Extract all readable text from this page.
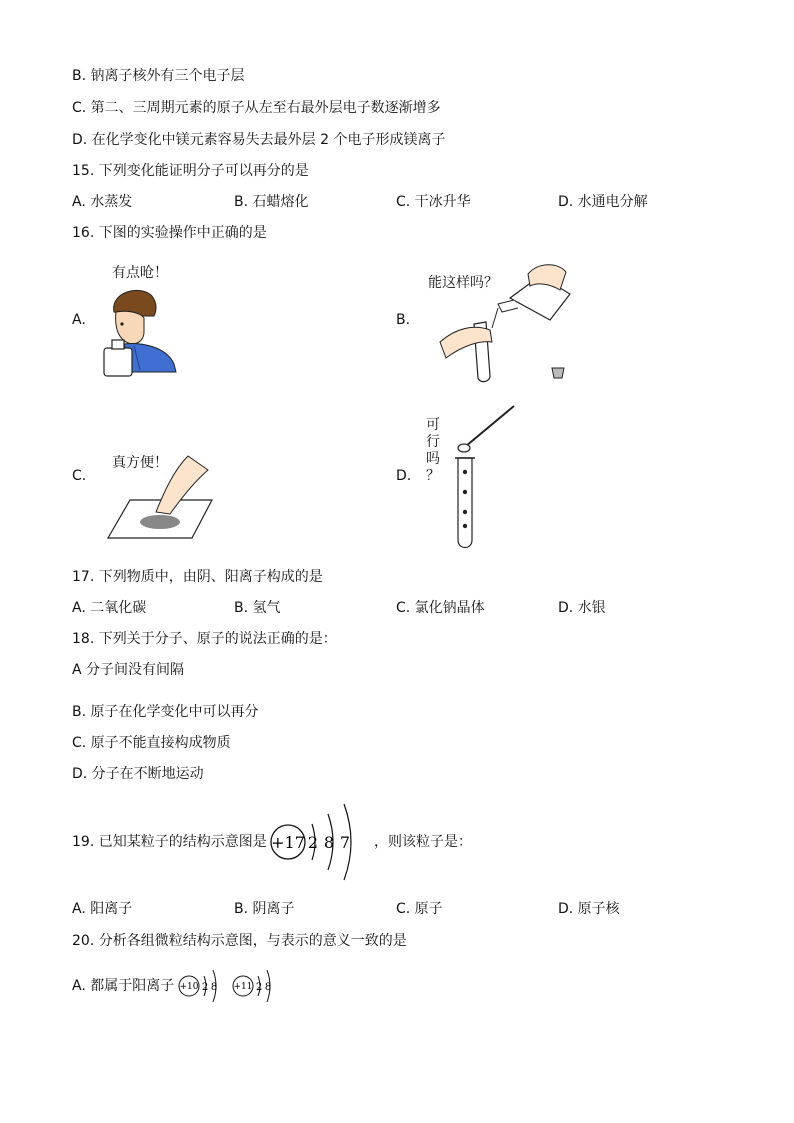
B. 钠离子核外有三个电子层
C. 第二、三周期元素的原子从左至右最外层电子数逐渐增多
D. 在化学变化中镁元素容易失去最外层 2 个电子形成镁离子
15. 下列变化能证明分子可以再分的是
A. 水蒸发	B. 石蜡熔化	C. 干冰升华	D. 水通电分解
16. 下图的实验操作中正确的是
A.
有点呛！
B.
能这样吗？
C.
真方便！
D.
可
行
吗
？
17. 下列物质中，由阴、阳离子构成的是
A. 二氧化碳	B. 氢气	C. 氯化钠晶体	D. 水银
18. 下列关于分子、原子的说法正确的是：
A 分子间没有间隔
B. 原子在化学变化中可以再分
C. 原子不能直接构成物质
D. 分子在不断地运动
19. 已知某粒子的结构示意图是 +17 2 8 7 ，则该粒子是：
A. 阳离子	B. 阴离子	C. 原子	D. 原子核
20. 分析各组微粒结构示意图，与表示的意义一致的是
A. 都属于阳离子 +10 2 8 +11 2 8
